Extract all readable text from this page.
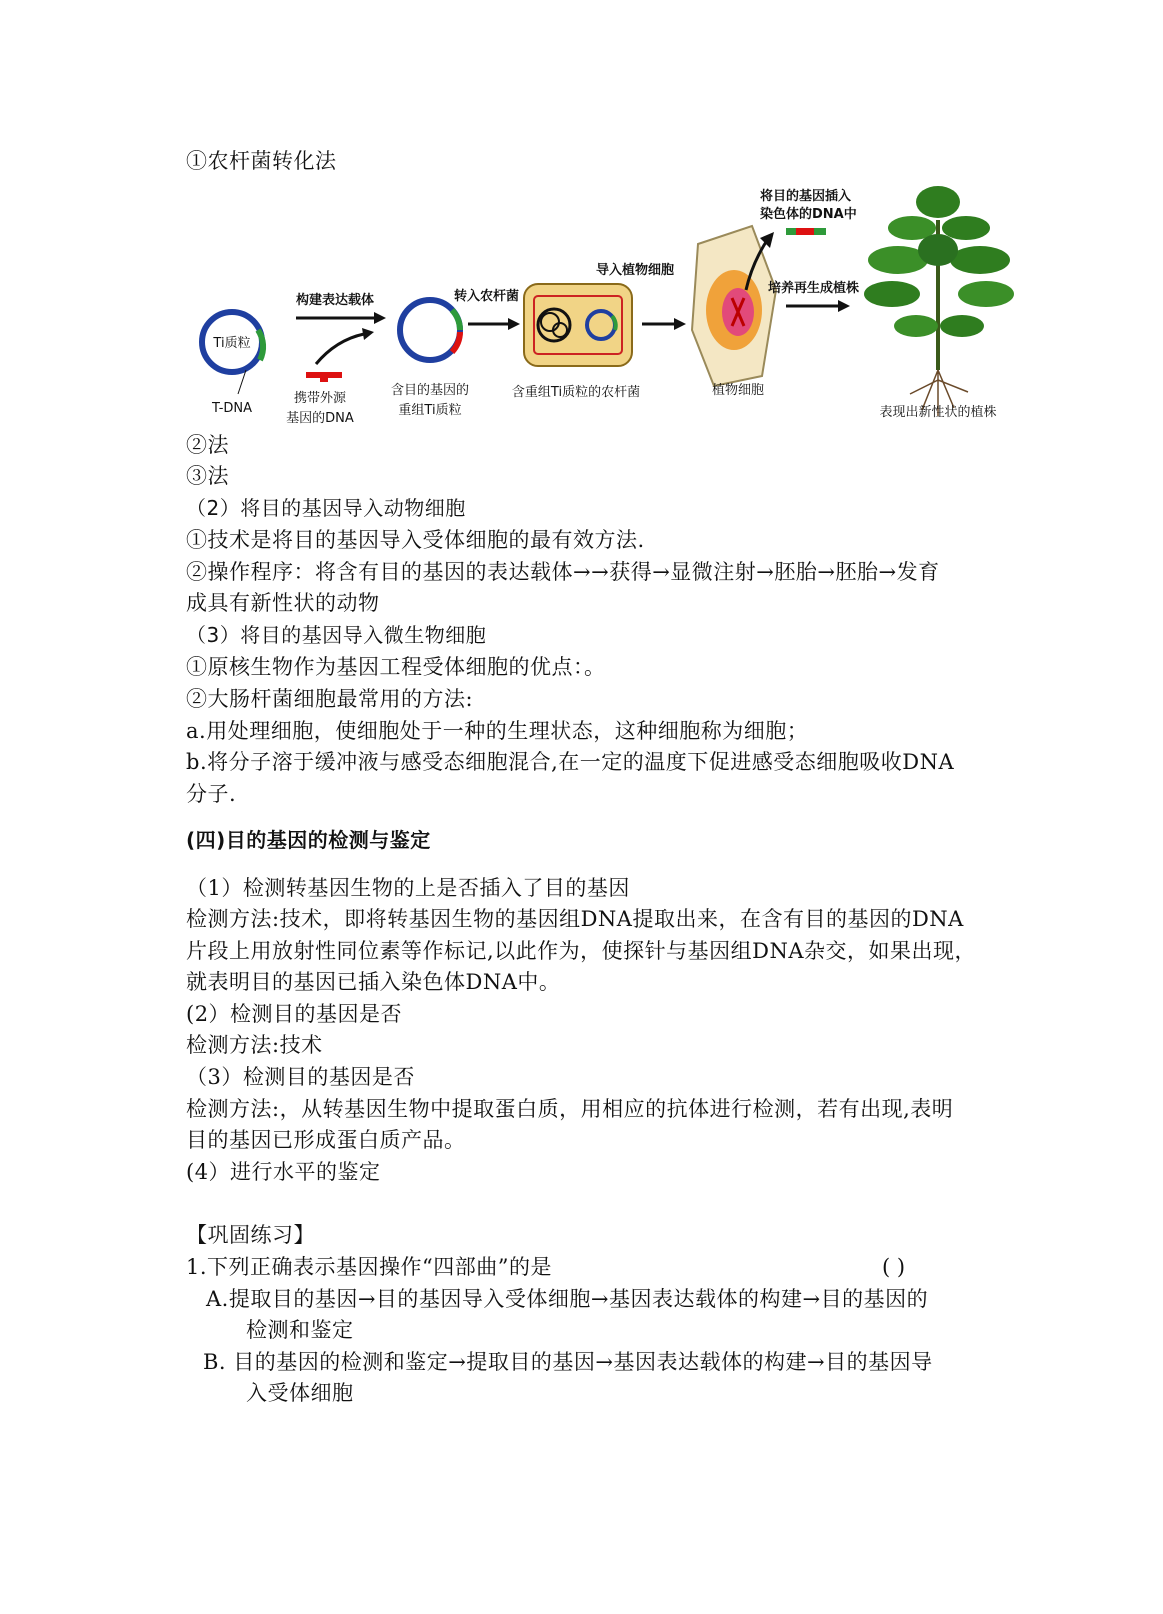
①农杆菌转化法
Ti质粒
T-DNA
构建表达载体
携带外源
基因的DNA
含目的基因的
重组Ti质粒
转入农杆菌
含重组Ti质粒的农杆菌
导入植物细胞
植物细胞
将目的基因插入
染色体的DNA中
培养再生成植株
表现出新性状的植株
②法
③法
（2）将目的基因导入动物细胞
①技术是将目的基因导入受体细胞的最有效方法.
②操作程序：将含有目的基因的表达载体→→获得→显微注射→胚胎→胚胎→发育
成具有新性状的动物
（3）将目的基因导入微生物细胞
①原核生物作为基因工程受体细胞的优点：。
②大肠杆菌细胞最常用的方法:
a.用处理细胞，使细胞处于一种的生理状态，这种细胞称为细胞；
b.将分子溶于缓冲液与感受态细胞混合,在一定的温度下促进感受态细胞吸收DNA
分子.
(四)目的基因的检测与鉴定
（1）检测转基因生物的上是否插入了目的基因
检测方法:技术，即将转基因生物的基因组DNA提取出来，在含有目的基因的DNA
片段上用放射性同位素等作标记,以此作为，使探针与基因组DNA杂交，如果出现，
就表明目的基因已插入染色体DNA中。
(2）检测目的基因是否
检测方法:技术
（3）检测目的基因是否
检测方法:，从转基因生物中提取蛋白质，用相应的抗体进行检测，若有出现,表明
目的基因已形成蛋白质产品。
(4）进行水平的鉴定
【巩固练习】
1.下列正确表示基因操作“四部曲”的是	( )
A.提取目的基因→目的基因导入受体细胞→基因表达载体的构建→目的基因的
检测和鉴定
B. 目的基因的检测和鉴定→提取目的基因→基因表达载体的构建→目的基因导
入受体细胞
